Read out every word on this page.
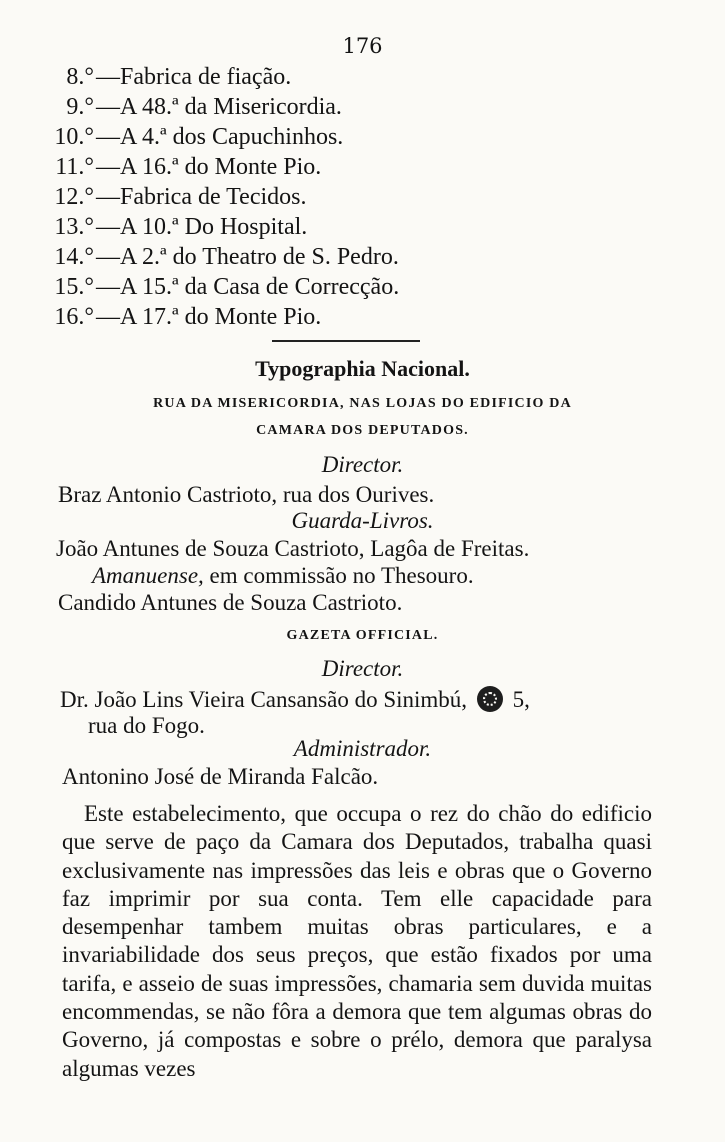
176
8.°—Fabrica de fiação.
9.°—A 48.ª da Misericordia.
10.°—A 4.ª dos Capuchinhos.
11.°—A 16.ª do Monte Pio.
12.°—Fabrica de Tecidos.
13.°—A 10.ª Do Hospital.
14.°—A 2.ª do Theatro de S. Pedro.
15.°—A 15.ª da Casa de Correcção.
16.°—A 17.ª do Monte Pio.
Typographia Nacional.
RUA DA MISERICORDIA, NAS LOJAS DO EDIFICIO DA
CAMARA DOS DEPUTADOS.
Director.
Braz Antonio Castrioto, rua dos Ourives.
Guarda-Livros.
João Antunes de Souza Castrioto, Lagôa de Freitas.
Amanuense, em commissão no Thesouro.
Candido Antunes de Souza Castrioto.
GAZETA OFFICIAL.
Director.
Dr. João Lins Vieira Cansansão do Sinimbú, 5,
rua do Fogo.
Administrador.
Antonino José de Miranda Falcão.
Este estabelecimento, que occupa o rez do chão do edificio que serve de paço da Camara dos Deputados, trabalha quasi exclusivamente nas impressões das leis e obras que o Governo faz imprimir por sua conta. Tem elle capacidade para desempenhar tambem muitas obras particulares, e a invariabilidade dos seus preços, que estão fixados por uma tarifa, e asseio de suas impressões, chamaria sem duvida muitas encommendas, se não fôra a demora que tem algumas obras do Governo, já compostas e sobre o prélo, demora que paralysa algumas vezes
